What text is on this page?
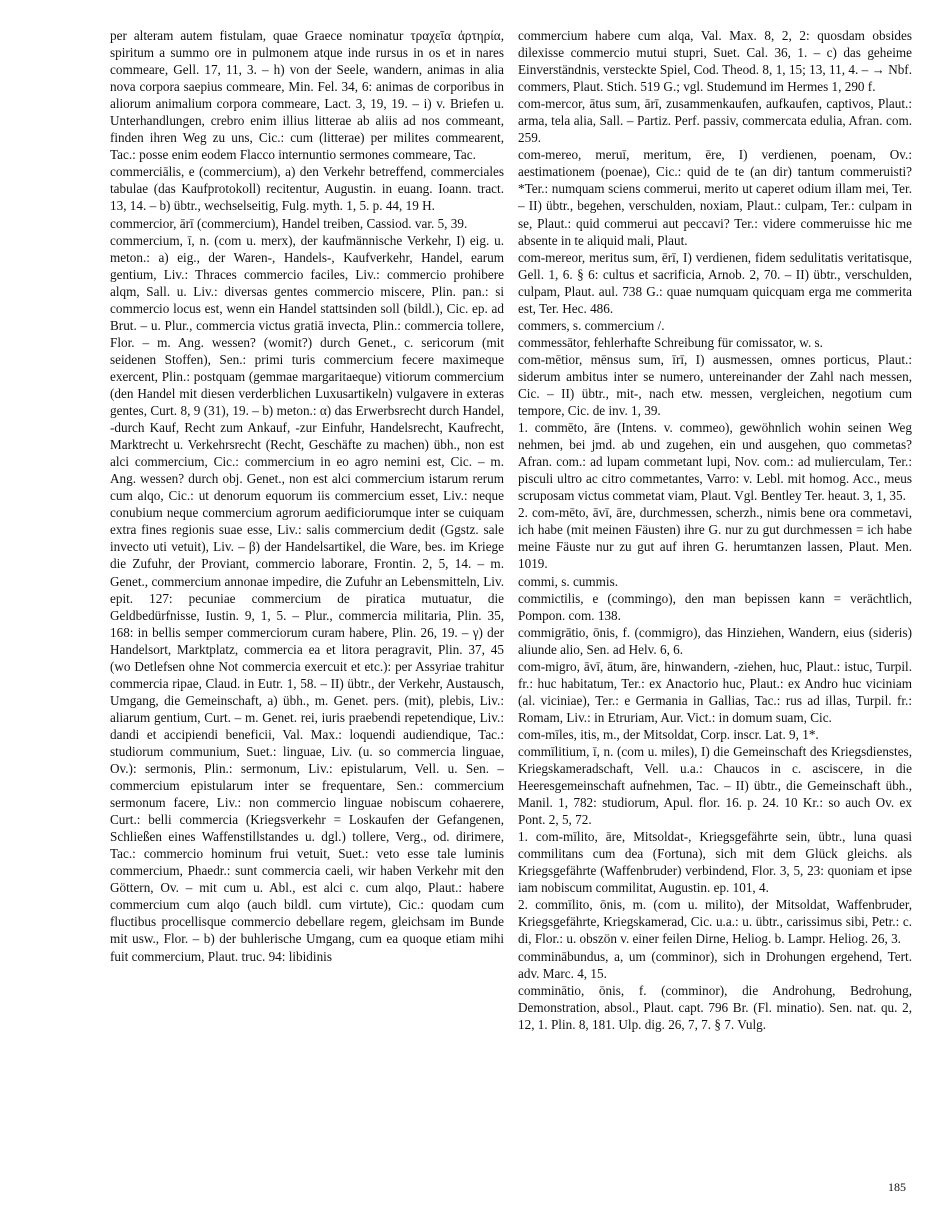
per alteram autem fistulam, quae Graece nominatur τραχεῖα ἀρτηρία, spiritum a summo ore in pulmonem atque inde rursus in os et in nares commeare, Gell. 17, 11, 3. – h) von der Seele, wandern, animas in alia nova corpora saepius commeare, Min. Fel. 34, 6: animas de corporibus in aliorum animalium corpora commeare, Lact. 3, 19, 19. – i) v. Briefen u. Unterhandlungen, crebro enim illius litterae ab aliis ad nos commeant, finden ihren Weg zu uns, Cic.: cum (litterae) per milites commearent, Tac.: posse enim eodem Flacco internuntio sermones commeare, Tac.

commerciālis, e (commercium), a) den Verkehr betreffend, commerciales tabulae (das Kaufprotokoll) recitentur, Augustin. in euang. Ioann. tract. 13, 14. – b) übtr., wechselseitig, Fulg. myth. 1, 5. p. 44, 19 H.

commercior, ārī (commercium), Handel treiben, Cassiod. var. 5, 39.

commercium, ī, n. (com u. merx), der kaufmännische Verkehr, I) eig. u. meton.: a) eig., der Waren-, Handels-, Kaufverkehr, Handel, earum gentium, Liv.: Thraces commercio faciles, Liv.: commercio prohibere alqm, Sall. u. Liv.: diversas gentes commercio miscere, Plin. pan.: si commercio locus est, wenn ein Handel stattsinden soll (bildl.), Cic. ep. ad Brut. – u. Plur., commercia victus gratiā invecta, Plin.: commercia tollere, Flor. – m. Ang. wessen? (womit?) durch Genet., c. sericorum (mit seidenen Stoffen), Sen.: primi turis commercium fecere maximeque exercent, Plin.: postquam (gemmae margaritaeque) vitiorum commercium (den Handel mit diesen verderblichen Luxusartikeln) vulgavere in exteras gentes, Curt. 8, 9 (31), 19. – b) meton.: α) das Erwerbsrecht durch Handel, -durch Kauf, Recht zum Ankauf, -zur Einfuhr, Handelsrecht, Kaufrecht, Marktrecht u. Verkehrsrecht (Recht, Geschäfte zu machen) übh., non est alci commercium, Cic.: commercium in eo agro nemini est, Cic. – m. Ang. wessen? durch obj. Genet., non est alci commercium istarum rerum cum alqo, Cic.: ut denorum equorum iis commercium esset, Liv.: neque conubium neque commercium agrorum aedificiorumque inter se cuiquam extra fines regionis suae esse, Liv.: salis commercium dedit (Ggstz. sale invecto uti vetuit), Liv. – β) der Handelsartikel, die Ware, bes. im Kriege die Zufuhr, der Proviant, commercio laborare, Frontin. 2, 5, 14. – m. Genet., commercium annonae impedire, die Zufuhr an Lebensmitteln, Liv. epit. 127: pecuniae commercium de piratica mutuatur, die Geldbedürfnisse, Iustin. 9, 1, 5. – Plur., commercia militaria, Plin. 35, 168: in bellis semper commerciorum curam habere, Plin. 26, 19. – γ) der Handelsort, Marktplatz, commercia ea et litora peragravit, Plin. 37, 45 (wo Detlefsen ohne Not commercia exercuit et etc.): per Assyriae trahitur commercia ripae, Claud. in Eutr. 1, 58. – II) übtr., der Verkehr, Austausch, Umgang, die Gemeinschaft, a) übh., m. Genet. pers. (mit), plebis, Liv.: aliarum gentium, Curt. – m. Genet. rei, iuris praebendi repetendique, Liv.: dandi et accipiendi beneficii, Val. Max.: loquendi audiendique, Tac.: studiorum communium, Suet.: linguae, Liv. (u. so commercia linguae, Ov.): sermonis, Plin.: sermonum, Liv.: epistularum, Vell. u. Sen. – commercium epistularum inter se frequentare, Sen.: commercium sermonum facere, Liv.: non commercio linguae nobiscum cohaerere, Curt.: belli commercia (Kriegsverkehr = Loskaufen der Gefangenen, Schließen eines Waffenstillstandes u. dgl.) tollere, Verg., od. dirimere, Tac.: commercio hominum frui vetuit, Suet.: veto esse tale luminis commercium, Phaedr.: sunt commercia caeli, wir haben Verkehr mit den Göttern, Ov. – mit cum u. Abl., est alci c. cum alqo, Plaut.: habere commercium cum alqo (auch bildl. cum virtute), Cic.: quodam cum fluctibus procellisque commercio debellare regem, gleichsam im Bunde mit usw., Flor. – b) der buhlerische Umgang, cum ea quoque etiam mihi fuit commercium, Plaut. truc. 94: libidinis

commercium habere cum alqa, Val. Max. 8, 2, 2: quosdam obsides dilexisse commercio mutui stupri, Suet. Cal. 36, 1. – c) das geheime Einverständnis, versteckte Spiel, Cod. Theod. 8, 1, 15; 13, 11, 4. – → Nbf. commers, Plaut. Stich. 519 G.; vgl. Studemund im Hermes 1, 290 f.

com-mercor, ātus sum, ārī, zusammenkaufen, aufkaufen, captivos, Plaut.: arma, tela alia, Sall. – Partiz. Perf. passiv, commercata edulia, Afran. com. 259.

com-mereo, meruī, meritum, ēre, I) verdienen, poenam, Ov.: aestimationem (poenae), Cic.: quid de te (an dir) tantum commeruisti? *Ter.: numquam sciens commerui, merito ut caperet odium illam mei, Ter. – II) übtr., begehen, verschulden, noxiam, Plaut.: culpam, Ter.: culpam in se, Plaut.: quid commerui aut peccavi? Ter.: videre commeruisse hic me absente in te aliquid mali, Plaut.

com-mereor, meritus sum, ērī, I) verdienen, fidem sedulitatis veritatisque, Gell. 1, 6. § 6: cultus et sacrificia, Arnob. 2, 70. – II) übtr., verschulden, culpam, Plaut. aul. 738 G.: quae numquam quicquam erga me commerita est, Ter. Hec. 486.

commers, s. commercium /.

commessātor, fehlerhafte Schreibung für comissator, w. s.

com-mētior, mēnsus sum, īrī, I) ausmessen, omnes porticus, Plaut.: siderum ambitus inter se numero, untereinander der Zahl nach messen, Cic. – II) übtr., mit-, nach etw. messen, vergleichen, negotium cum tempore, Cic. de inv. 1, 39.

1. commēto, āre (Intens. v. commeo), gewöhnlich wohin seinen Weg nehmen, bei jmd. ab und zugehen, ein und ausgehen, quo commetas? Afran. com.: ad lupam commetant lupi, Nov. com.: ad mulierculam, Ter.: pisculi ultro ac citro commetantes, Varro: v. Lebl. mit homog. Acc., meus scruposam victus commetat viam, Plaut. Vgl. Bentley Ter. heaut. 3, 1, 35.

2. com-mēto, āvī, āre, durchmessen, scherzh., nimis bene ora commetavi, ich habe (mit meinen Fäusten) ihre G. nur zu gut durchmessen = ich habe meine Fäuste nur zu gut auf ihren G. herumtanzen lassen, Plaut. Men. 1019.

commi, s. cummis.

commictilis, e (commingo), den man bepissen kann = verächtlich, Pompon. com. 138.

commigrātio, ōnis, f. (commigro), das Hinziehen, Wandern, eius (sideris) aliunde alio, Sen. ad Helv. 6, 6.

com-migro, āvī, ātum, āre, hinwandern, -ziehen, huc, Plaut.: istuc, Turpil. fr.: huc habitatum, Ter.: ex Anactorio huc, Plaut.: ex Andro huc viciniam (al. viciniae), Ter.: e Germania in Gallias, Tac.: rus ad illas, Turpil. fr.: Romam, Liv.: in Etruriam, Aur. Vict.: in domum suam, Cic.

com-mīles, itis, m., der Mitsoldat, Corp. inscr. Lat. 9, 1*.

commīlitium, ī, n. (com u. miles), I) die Gemeinschaft des Kriegsdienstes, Kriegskameradschaft, Vell. u.a.: Chaucos in c. asciscere, in die Heeresgemeinschaft aufnehmen, Tac. – II) übtr., die Gemeinschaft übh., Manil. 1, 782: studiorum, Apul. flor. 16. p. 24. 10 Kr.: so auch Ov. ex Pont. 2, 5, 72.

1. com-mīlito, āre, Mitsoldat-, Kriegsgefährte sein, übtr., luna quasi commilitans cum dea (Fortuna), sich mit dem Glück gleichs. als Kriegsgefährte (Waffenbruder) verbindend, Flor. 3, 5, 23: quoniam et ipse iam nobiscum commilitat, Augustin. ep. 101, 4.

2. commīlito, ōnis, m. (com u. milito), der Mitsoldat, Waffenbruder, Kriegsgefährte, Kriegskamerad, Cic. u.a.: u. übtr., carissimus sibi, Petr.: c. di, Flor.: u. obszön v. einer feilen Dirne, Heliog. b. Lampr. Heliog. 26, 3.

comminābundus, a, um (comminor), sich in Drohungen ergehend, Tert. adv. Marc. 4, 15.

comminātio, ōnis, f. (comminor), die Androhung, Bedrohung, Demonstration, absol., Plaut. capt. 796 Br. (Fl. minatio). Sen. nat. qu. 2, 12, 1. Plin. 8, 181. Ulp. dig. 26, 7, 7. § 7. Vulg.

185
